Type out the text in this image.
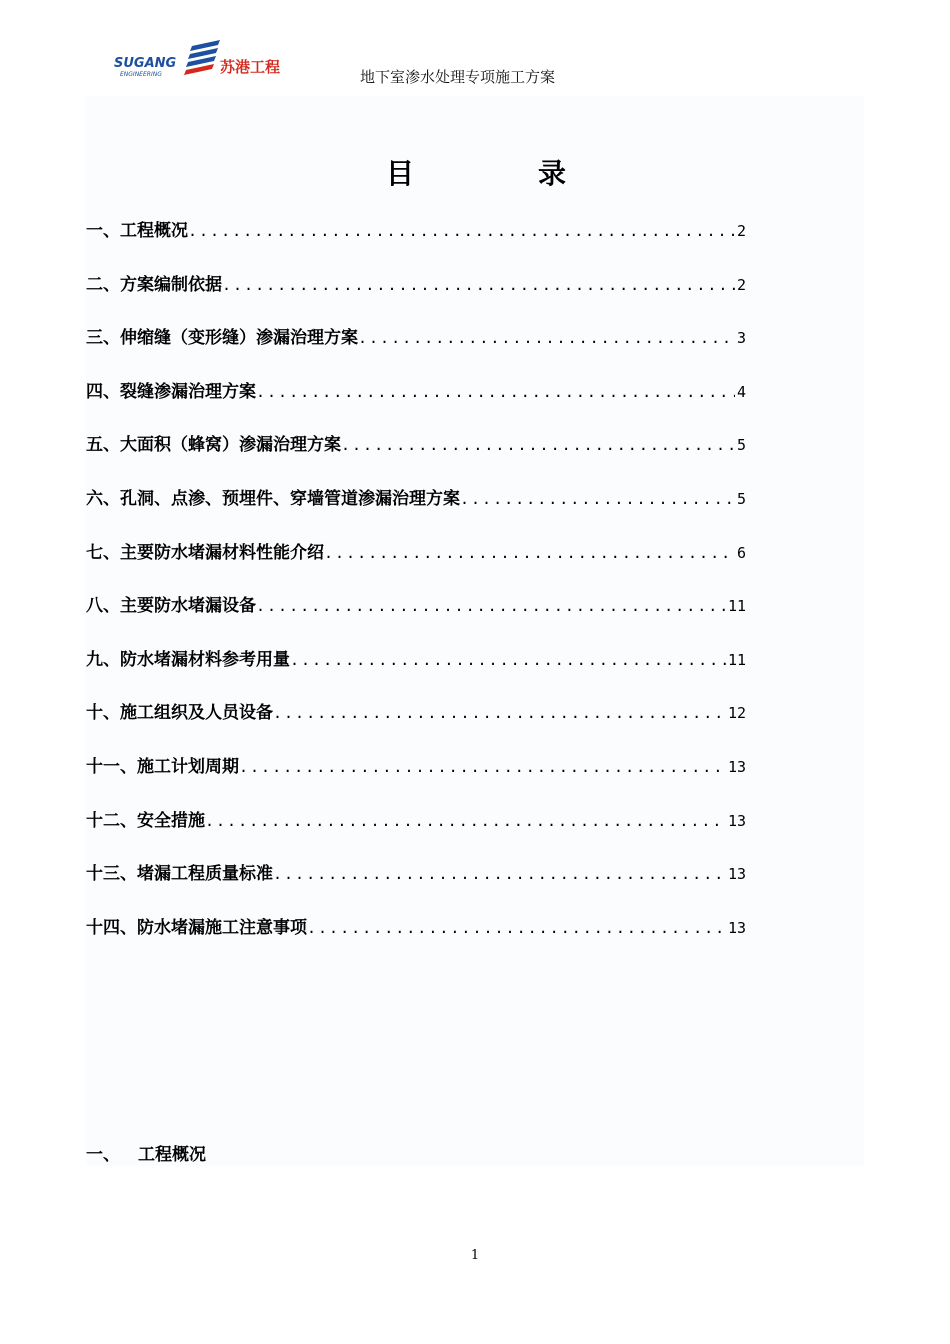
SUGANG
ENGINEERING	苏港工程
地下室渗水处理专项施工方案
目	录
一、工程概况 .....	2
二、方案编制依据 .....	2
三、伸缩缝（变形缝）渗漏治理方案 .....	3
四、裂缝渗漏治理方案 .....	4
五、大面积（蜂窝）渗漏治理方案 .....	5
六、孔洞、点渗、预埋件、穿墙管道渗漏治理方案 .....	5
七、主要防水堵漏材料性能介绍 .....	6
八、主要防水堵漏设备 .....	11
九、防水堵漏材料参考用量 .....	11
十、施工组织及人员设备 .....	12
十一、施工计划周期 .....	13
十二、安全措施 .....	13
十三、堵漏工程质量标准 .....	13
十四、防水堵漏施工注意事项 .....	13
一、 工程概况
1
